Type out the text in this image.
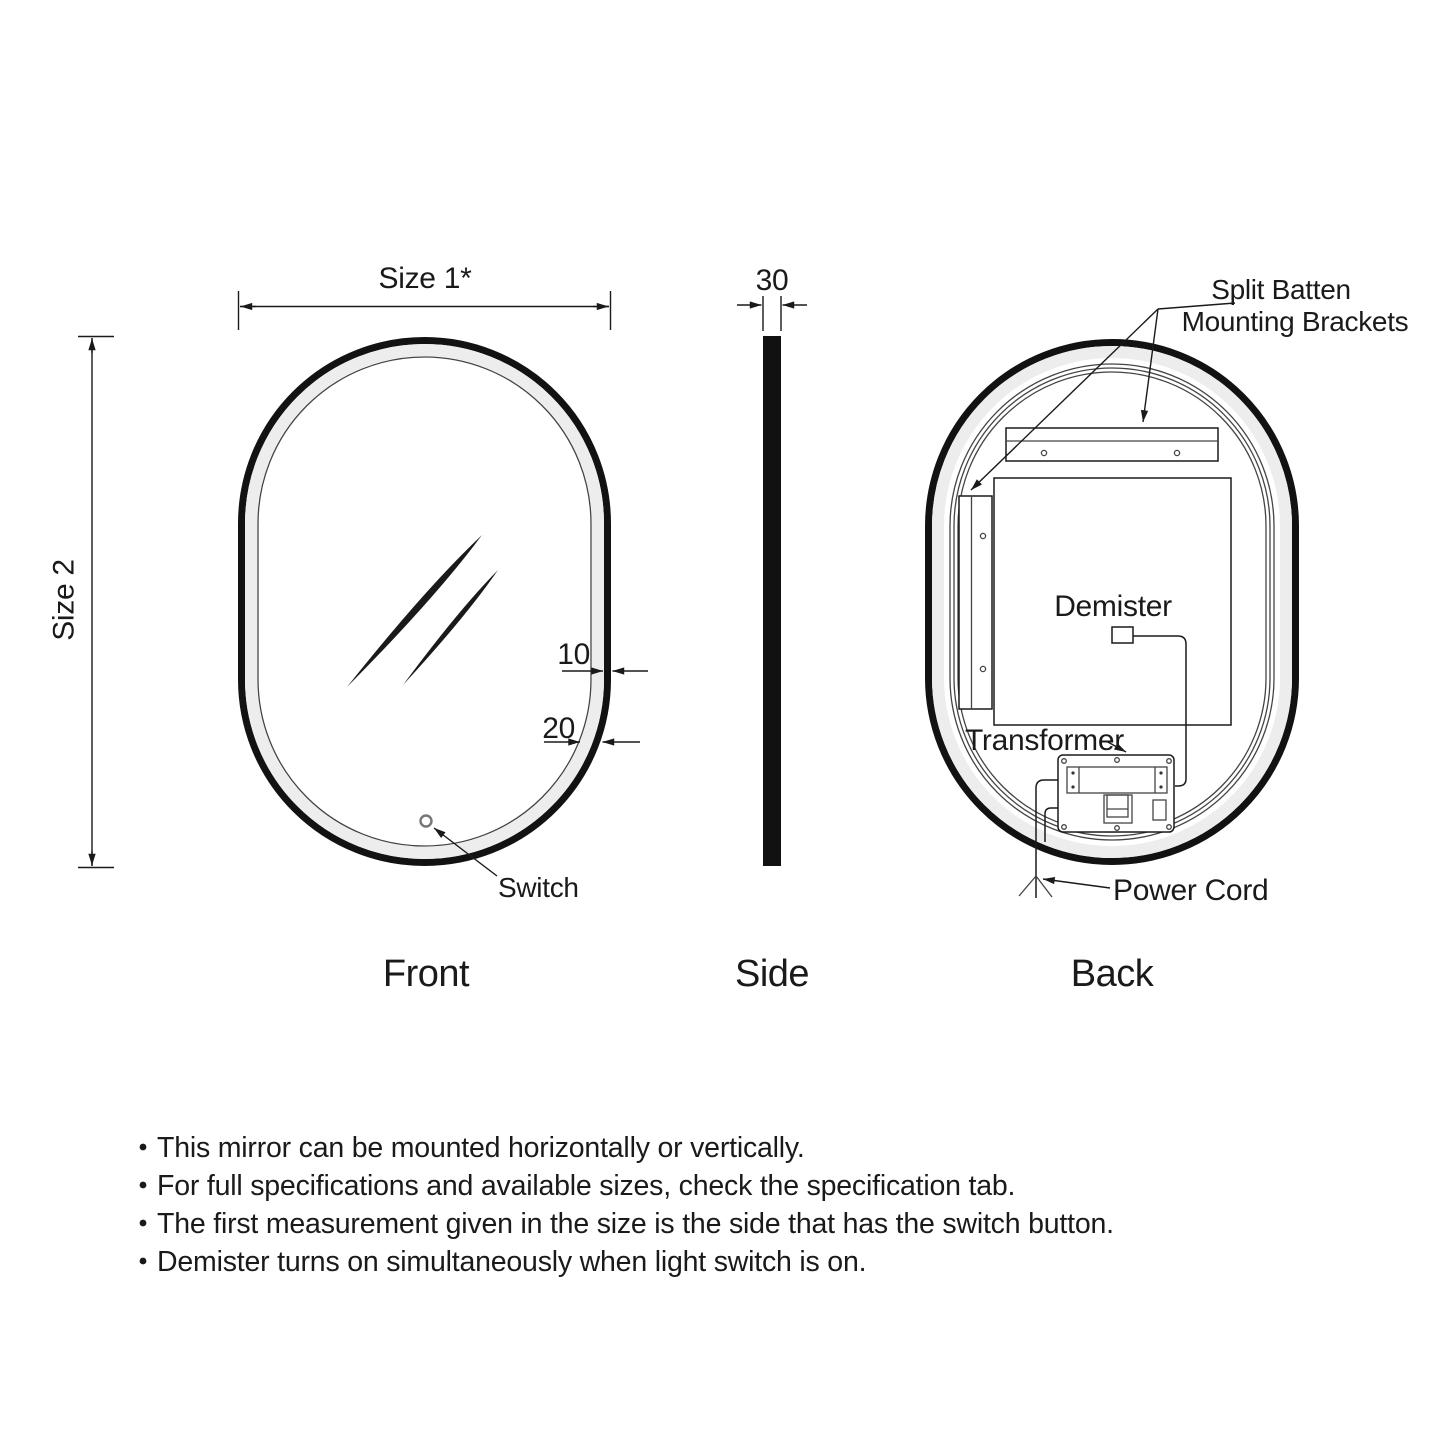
Switch
Size 1*
Size 2
10
20
Front
30
Side
Split Batten
Mounting Brackets
Demister
Transformer
Power Cord
Back
This mirror can be mounted horizontally or vertically.
For full specifications and available sizes, check the specification tab.
The first measurement given in the size is the side that has the switch button.
Demister turns on simultaneously when light switch is on.
